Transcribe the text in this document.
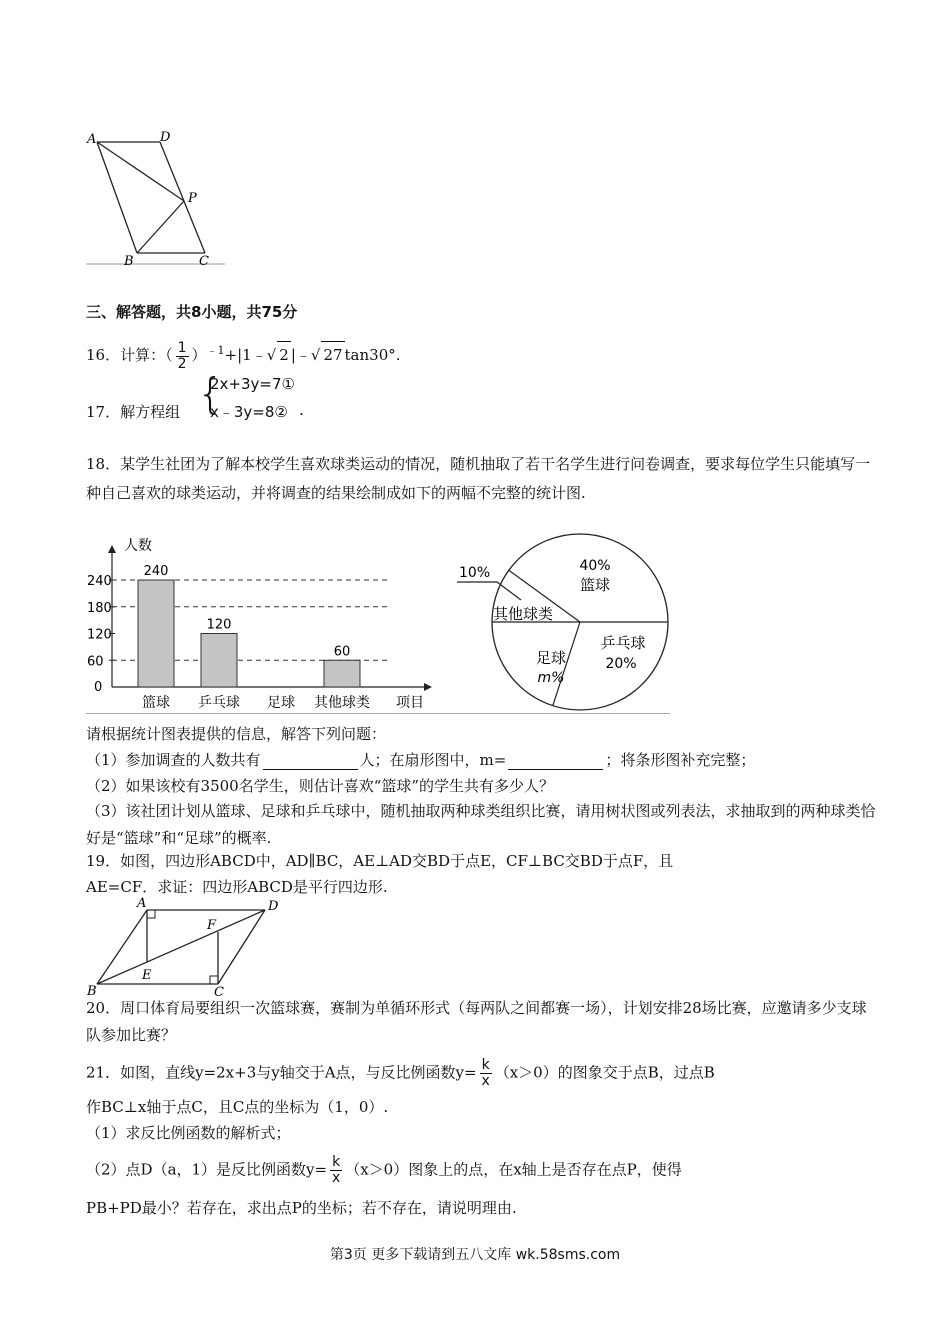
A	D
P
B	C
三、解答题，共8小题，共75分
16．计算：（ $\frac{1}{2}$ ）$^{﹣1}$+|1﹣√ 2 |﹣√ 27 tan30°.
17．解方程组 {
2x+3y=7①
x﹣3y=8② .
18．某学生社团为了解本校学生喜欢球类运动的情况，随机抽取了若干名学生进行问卷调查，要求每位学生只能填写一种自己喜欢的球类运动，并将调查的结果绘制成如下的两幅不完整的统计图.
人数
项目
0
60
120
180
240
240
篮球
120
乒乓球 足球
60
其他球类
40%
篮球
乒乓球
20%
足球
m%
其他球类
10%
请根据统计图表提供的信息，解答下列问题：
（1）参加调查的人数共有	人；在扇形图中，m=	；将条形图补充完整；
（2）如果该校有3500名学生，则估计喜欢“篮球”的学生共有多少人？
（3）该社团计划从篮球、足球和乒乓球中，随机抽取两种球类组织比赛，请用树状图或列表法，求抽取到的两种球类恰好是“篮球”和“足球”的概率.
19．如图，四边形ABCD中，AD∥BC，AE⊥AD交BD于点E，CF⊥BC交BD于点F，且
AE=CF．求证：四边形ABCD是平行四边形.
A	D
F
E
B	C
20．周口体育局要组织一次篮球赛，赛制为单循环形式（每两队之间都赛一场），计划安排28场比赛，应邀请多少支球队参加比赛？
21．如图，直线y=2x+3与y轴交于A点，与反比例函数$y= \frac{k}{x} (x>0)$的图象交于点B，过点B
作BC⊥x轴于点C，且C点的坐标为（1，0）.
（1）求反比例函数的解析式；
（2）点D（a，1）是反比例函数$y= \frac{k}{x} (x>0)$图象上的点，在x轴上是否存在点P，使得
PB+PD最小？若存在，求出点P的坐标；若不存在，请说明理由.
第3页 更多下载请到五八文库 wk.58sms.com
